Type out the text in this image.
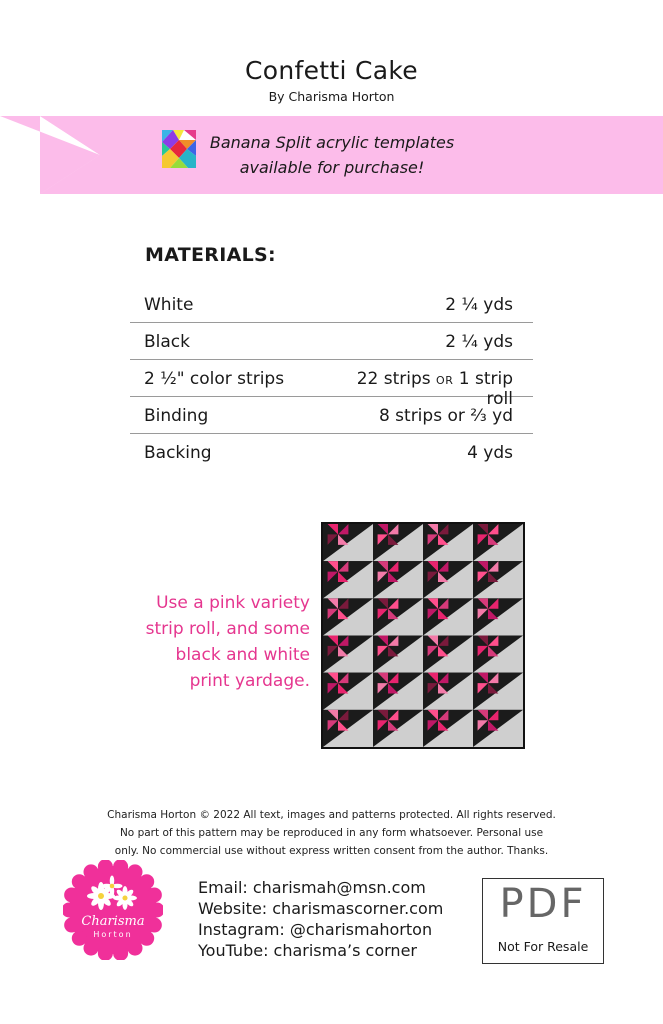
Confetti Cake
By Charisma Horton
Banana Split acrylic templates
available for purchase!
MATERIALS:
White	2 ¼ yds
Black	2 ¼ yds
2 ½" color strips	22 strips OR 1 strip roll
Binding	8 strips or ⅔ yd
Backing	4 yds
Use a pink variety
strip roll, and some
black and white
print yardage.
Charisma Horton © 2022 All text, images and patterns protected. All rights reserved.
No part of this pattern may be reproduced in any form whatsoever. Personal use
only. No commercial use without express written consent from the author. Thanks.
Charisma
Horton
Email: charismah@msn.com
Website: charismascorner.com
Instagram: @charismahorton
YouTube: charisma’s corner
PDF
Not For Resale
